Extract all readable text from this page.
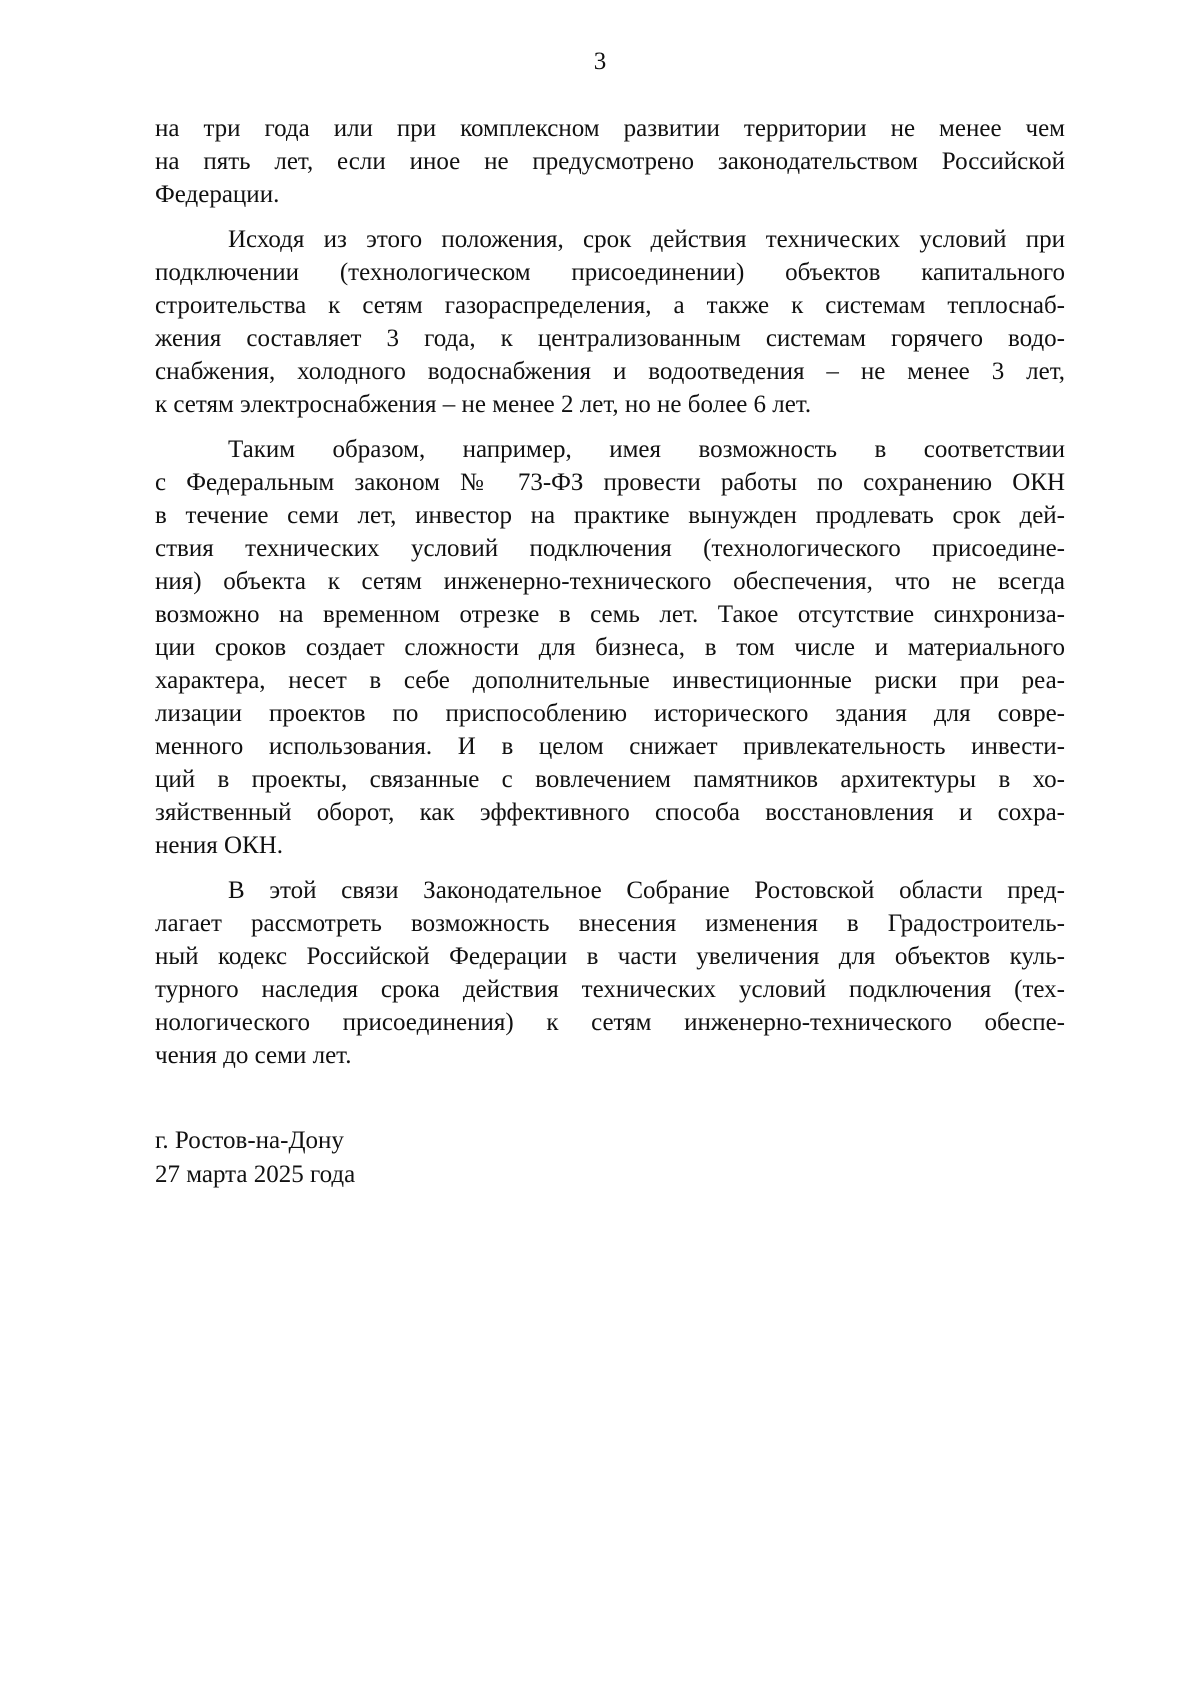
3

на три года или при комплексном развитии территории не менее чем
на пять лет, если иное не предусмотрено законодательством Российской
Федерации.

Исходя из этого положения, срок действия технических условий при
подключении (технологическом присоединении) объектов капитального
строительства к сетям газораспределения, а также к системам теплоснаб-
жения составляет 3 года, к централизованным системам горячего водо-
снабжения, холодного водоснабжения и водоотведения – не менее 3 лет,
к сетям электроснабжения – не менее 2 лет, но не более 6 лет.

Таким образом, например, имея возможность в соответствии
с Федеральным законом № 73-ФЗ провести работы по сохранению ОКН
в течение семи лет, инвестор на практике вынужден продлевать срок дей-
ствия технических условий подключения (технологического присоедине-
ния) объекта к сетям инженерно-технического обеспечения, что не всегда
возможно на временном отрезке в семь лет. Такое отсутствие синхрониза-
ции сроков создает сложности для бизнеса, в том числе и материального
характера, несет в себе дополнительные инвестиционные риски при реа-
лизации проектов по приспособлению исторического здания для совре-
менного использования. И в целом снижает привлекательность инвести-
ций в проекты, связанные с вовлечением памятников архитектуры в хо-
зяйственный оборот, как эффективного способа восстановления и сохра-
нения ОКН.

В этой связи Законодательное Собрание Ростовской области пред-
лагает рассмотреть возможность внесения изменения в Градостроитель-
ный кодекс Российской Федерации в части увеличения для объектов куль-
турного наследия срока действия технических условий подключения (тех-
нологического присоединения) к сетям инженерно-технического обеспе-
чения до семи лет.

г. Ростов-на-Дону
27 марта 2025 года
